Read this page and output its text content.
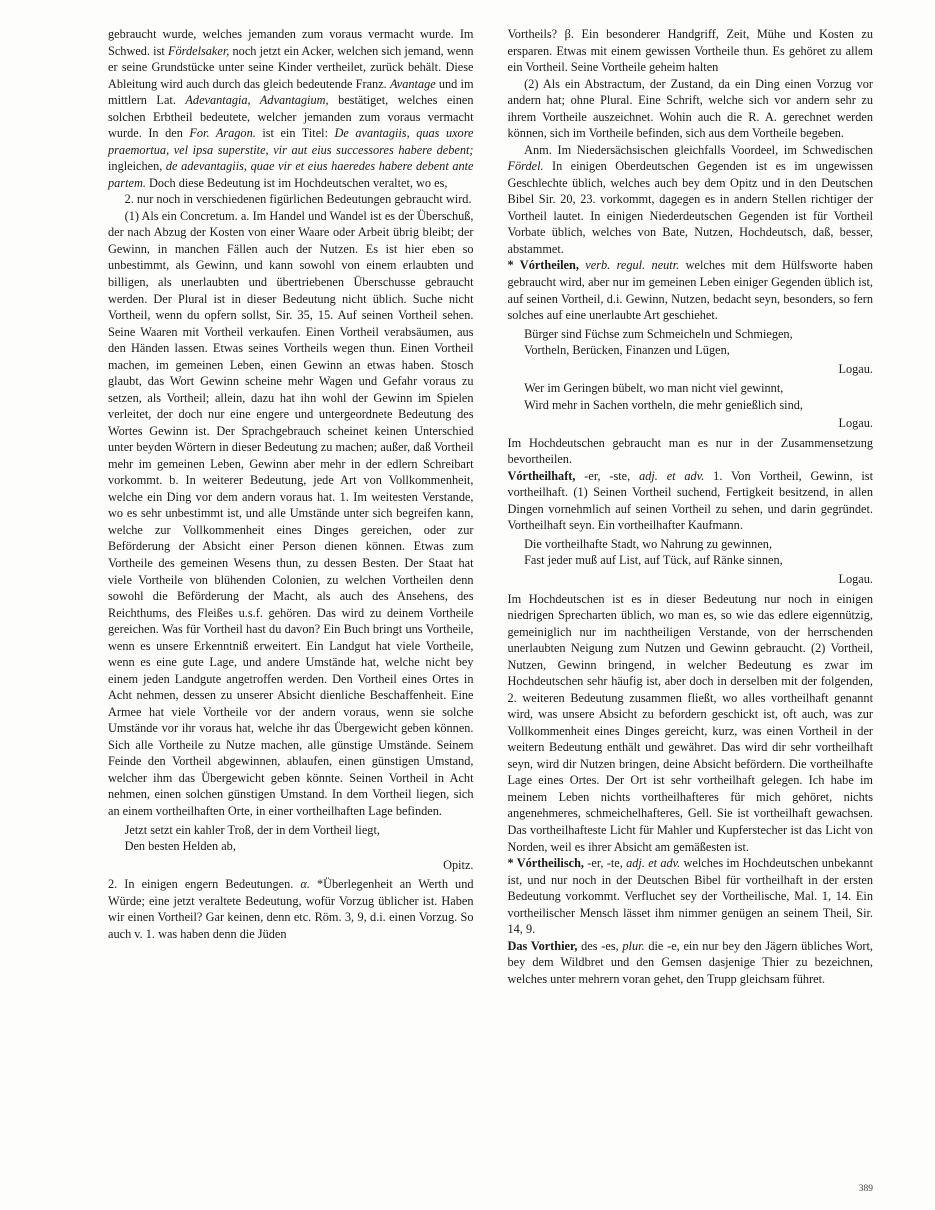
gebraucht wurde, welches jemanden zum voraus vermacht wurde. Im Schwed. ist Fördelsaker, noch jetzt ein Acker, welchen sich jemand, wenn er seine Grundstücke unter seine Kinder vertheilet, zurück behält. Diese Ableitung wird auch durch das gleich bedeutende Franz. Avantage und im mittlern Lat. Adevantagia, Advantagium, bestätiget, welches einen solchen Erbtheil bedeutete, welcher jemanden zum voraus vermacht wurde. In den For. Aragon. ist ein Titel: De avantagiis, quas uxore praemortua, vel ipsa superstite, vir aut eius successores habere debent; ingleichen, de adevantagiis, quae vir et eius haeredes habere debent ante partem. Doch diese Bedeutung ist im Hochdeutschen veraltet, wo es,

2. nur noch in verschiedenen figürlichen Bedeutungen gebraucht wird.

(1) Als ein Concretum. a. Im Handel und Wandel ist es der Überschuß, der nach Abzug der Kosten von einer Waare oder Arbeit übrig bleibt; der Gewinn, in manchen Fällen auch der Nutzen. Es ist hier eben so unbestimmt, als Gewinn, und kann sowohl von einem erlaubten und billigen, als unerlaubten und übertriebenen Überschusse gebraucht werden. Der Plural ist in dieser Bedeutung nicht üblich. Suche nicht Vortheil, wenn du opfern sollst, Sir. 35, 15. Auf seinen Vortheil sehen. Seine Waaren mit Vortheil verkaufen. Einen Vortheil verabsäumen, aus den Händen lassen. Etwas seines Vortheils wegen thun. Einen Vortheil machen, im gemeinen Leben, einen Gewinn an etwas haben. Stosch glaubt, das Wort Gewinn scheine mehr Wagen und Gefahr voraus zu setzen, als Vortheil; allein, dazu hat ihn wohl der Gewinn im Spielen verleitet, der doch nur eine engere und untergeordnete Bedeutung des Wortes Gewinn ist. Der Sprachgebrauch scheinet keinen Unterschied unter beyden Wörtern in dieser Bedeutung zu machen; außer, daß Vortheil mehr im gemeinen Leben, Gewinn aber mehr in der edlern Schreibart vorkommt. b. In weiterer Bedeutung, jede Art von Vollkommenheit, welche ein Ding vor dem andern voraus hat. 1. Im weitesten Verstande, wo es sehr unbestimmt ist, und alle Umstände unter sich begreifen kann, welche zur Vollkommenheit eines Dinges gereichen, oder zur Beförderung der Absicht einer Person dienen können. Etwas zum Vortheile des gemeinen Wesens thun, zu dessen Besten. Der Staat hat viele Vortheile von blühenden Colonien, zu welchen Vortheilen denn sowohl die Beförderung der Macht, als auch des Ansehens, des Reichthums, des Fleißes u.s.f. gehören. Das wird zu deinem Vortheile gereichen. Was für Vortheil hast du davon? Ein Buch bringt uns Vortheile, wenn es unsere Erkenntniß erweitert. Ein Landgut hat viele Vortheile, wenn es eine gute Lage, und andere Umstände hat, welche nicht bey einem jeden Landgute angetroffen werden. Den Vortheil eines Ortes in Acht nehmen, dessen zu unserer Absicht dienliche Beschaffenheit. Eine Armee hat viele Vortheile vor der andern voraus, wenn sie solche Umstände vor ihr voraus hat, welche ihr das Übergewicht geben können. Sich alle Vortheile zu Nutze machen, alle günstige Umstände. Seinem Feinde den Vortheil abgewinnen, ablaufen, einen günstigen Umstand, welcher ihm das Übergewicht geben könnte. Seinen Vortheil in Acht nehmen, einen solchen günstigen Umstand. In dem Vortheil liegen, sich an einem vortheilhaften Orte, in einer vortheilhaften Lage befinden.

Jetzt setzt ein kahler Troß, der in dem Vortheil liegt,

Den besten Helden ab,

Opitz.

2. In einigen engern Bedeutungen. α. *Überlegenheit an Werth und Würde; eine jetzt veraltete Bedeutung, wofür Vorzug üblicher ist. Haben wir einen Vortheil? Gar keinen, denn etc. Röm. 3, 9, d.i. einen Vorzug. So auch v. 1. was haben denn die Jüden

Vortheils? β. Ein besonderer Handgriff, Zeit, Mühe und Kosten zu ersparen. Etwas mit einem gewissen Vortheile thun. Es gehöret zu allem ein Vortheil. Seine Vortheile geheim halten

(2) Als ein Abstractum, der Zustand, da ein Ding einen Vorzug vor andern hat; ohne Plural. Eine Schrift, welche sich vor andern sehr zu ihrem Vortheile auszeichnet. Wohin auch die R. A. gerechnet werden können, sich im Vortheile befinden, sich aus dem Vortheile begeben.

Anm. Im Niedersächsischen gleichfalls Voordeel, im Schwedischen Fördel. In einigen Oberdeutschen Gegenden ist es im ungewissen Geschlechte üblich, welches auch bey dem Opitz und in den Deutschen Bibel Sir. 20, 23. vorkommt, dagegen es in andern Stellen richtiger der Vortheil lautet. In einigen Niederdeutschen Gegenden ist für Vortheil Vorbate üblich, welches von Bate, Nutzen, Hochdeutsch, daß, besser, abstammet.

* Vórtheilen, verb. regul. neutr. welches mit dem Hülfsworte haben gebraucht wird, aber nur im gemeinen Leben einiger Gegenden üblich ist, auf seinen Vortheil, d.i. Gewinn, Nutzen, bedacht seyn, besonders, so fern solches auf eine unerlaubte Art geschiehet.

Bürger sind Füchse zum Schmeicheln und Schmiegen,

Vortheln, Berücken, Finanzen und Lügen,

Logau.

Wer im Geringen bübelt, wo man nicht viel gewinnt,

Wird mehr in Sachen vortheln, die mehr genießlich sind,

Logau.

Im Hochdeutschen gebraucht man es nur in der Zusammensetzung bevortheilen.

Vórtheilhaft, -er, -ste, adj. et adv. 1. Von Vortheil, Gewinn, ist vortheilhaft. (1) Seinen Vortheil suchend, Fertigkeit besitzend, in allen Dingen vornehmlich auf seinen Vortheil zu sehen, und darin gegründet. Vortheilhaft seyn. Ein vortheilhafter Kaufmann.

Die vortheilhafte Stadt, wo Nahrung zu gewinnen,

Fast jeder muß auf List, auf Tück, auf Ränke sinnen,

Logau.

Im Hochdeutschen ist es in dieser Bedeutung nur noch in einigen niedrigen Sprecharten üblich, wo man es, so wie das edlere eigennützig, gemeiniglich nur im nachtheiligen Verstande, von der herrschenden unerlaubten Neigung zum Nutzen und Gewinn gebraucht. (2) Vortheil, Nutzen, Gewinn bringend, in welcher Bedeutung es zwar im Hochdeutschen sehr häufig ist, aber doch in derselben mit der folgenden, 2. weiteren Bedeutung zusammen fließt, wo alles vortheilhaft genannt wird, was unsere Absicht zu befordern geschickt ist, oft auch, was zur Vollkommenheit eines Dinges gereicht, kurz, was einen Vortheil in der weitern Bedeutung enthält und gewähret. Das wird dir sehr vortheilhaft seyn, wird dir Nutzen bringen, deine Absicht befördern. Die vortheilhafte Lage eines Ortes. Der Ort ist sehr vortheilhaft gelegen. Ich habe im meinem Leben nichts vortheilhafteres für mich gehöret, nichts angenehmeres, schmeichelhafteres, Gell. Sie ist vortheilhaft gewachsen. Das vortheilhafteste Licht für Mahler und Kupferstecher ist das Licht von Norden, weil es ihrer Absicht am gemäßesten ist.

* Vórtheilisch, -er, -te, adj. et adv. welches im Hochdeutschen unbekannt ist, und nur noch in der Deutschen Bibel für vortheilhaft in der ersten Bedeutung vorkommt. Verfluchet sey der Vortheilische, Mal. 1, 14. Ein vortheilischer Mensch lässet ihm nimmer genügen an seinem Theil, Sir. 14, 9.

Das Vorthier, des -es, plur. die -e, ein nur bey den Jägern übliches Wort, bey dem Wildbret und den Gemsen dasjenige Thier zu bezeichnen, welches unter mehrern voran gehet, den Trupp gleichsam führet.

389
